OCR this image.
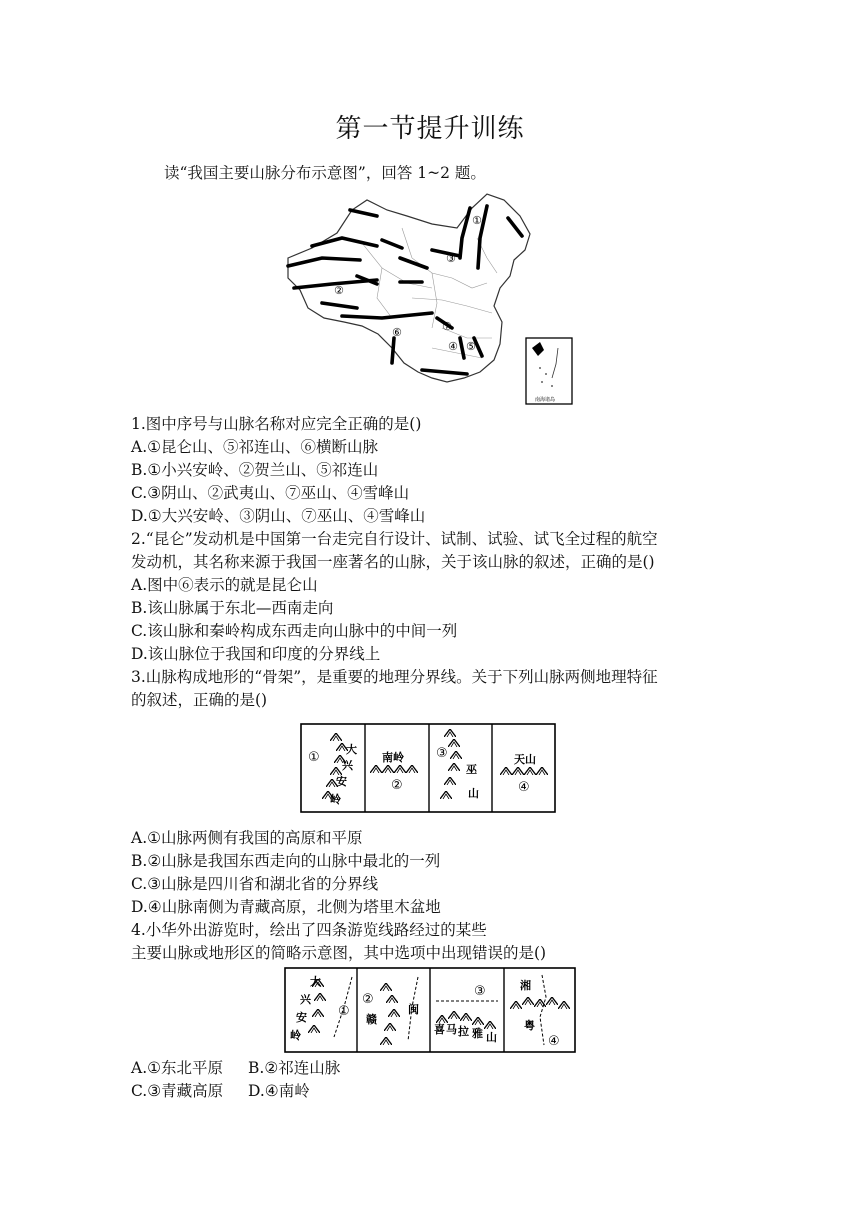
第一节提升训练
读“我国主要山脉分布示意图”，回答 1~2 题。
①
②
③
④ ⑤
⑥	⑦
南海诸岛
1.图中序号与山脉名称对应完全正确的是()
A.①昆仑山、⑤祁连山、⑥横断山脉
B.①小兴安岭、②贺兰山、⑤祁连山
C.③阴山、②武夷山、⑦巫山、④雪峰山
D.①大兴安岭、③阴山、⑦巫山、④雪峰山
2.“昆仑”发动机是中国第一台走完自行设计、试制、试验、试飞全过程的航空
发动机，其名称来源于我国一座著名的山脉，关于该山脉的叙述，正确的是()
A.图中⑥表示的就是昆仑山
B.该山脉属于东北—西南走向
C.该山脉和秦岭构成东西走向山脉中的中间一列
D.该山脉位于我国和印度的分界线上
3.山脉构成地形的“骨架”，是重要的地理分界线。关于下列山脉两侧地理特征
的叙述，正确的是()
①
大
兴
安
岭
南岭
②
③
巫
山
天山
④
A.①山脉两侧有我国的高原和平原
B.②山脉是我国东西走向的山脉中最北的一列
C.③山脉是四川省和湖北省的分界线
D.④山脉南侧为青藏高原，北侧为塔里木盆地
4.小华外出游览时，绘出了四条游览线路经过的某些
主要山脉或地形区的简略示意图，其中选项中出现错误的是()
大
兴
安
岭
①
②
赣
闽
③
喜 马 拉 雅 山
湘
粤
④
A.①东北平原 B.②祁连山脉
C.③青藏高原 D.④南岭
